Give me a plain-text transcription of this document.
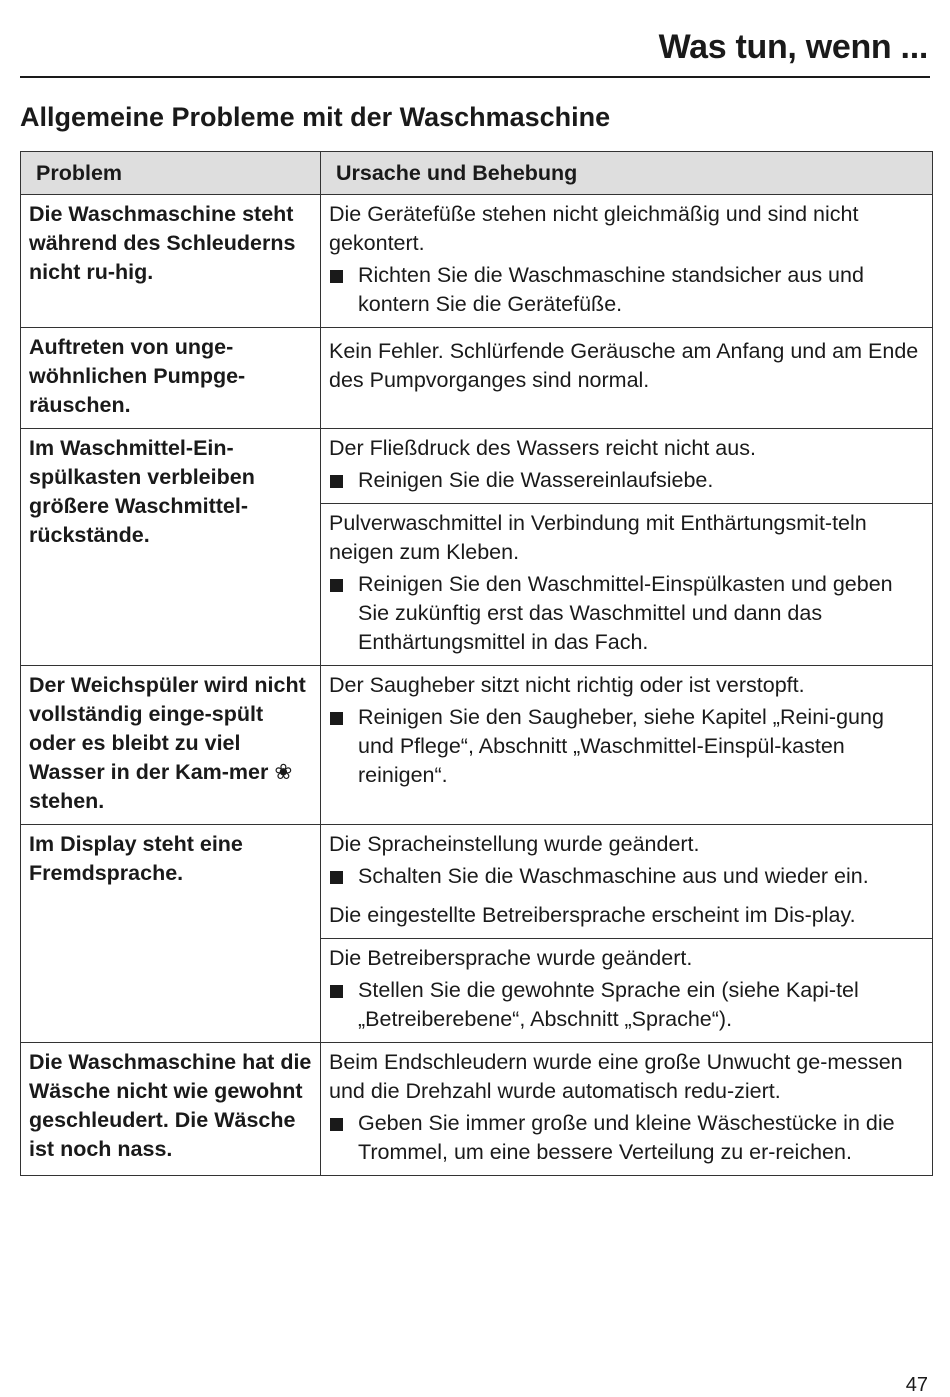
Was tun, wenn ...
Allgemeine Probleme mit der Waschmaschine
Problem	Ursache und Behebung
Die Waschmaschine steht während des Schleuderns nicht ru-hig.	Die Gerätefüße stehen nicht gleichmäßig und sind nicht gekontert.

Richten Sie die Waschmaschine standsicher aus und kontern Sie die Gerätefüße.

Auftreten von unge-wöhnlichen Pumpge-räuschen.	Kein Fehler. Schlürfende Geräusche am Anfang und am Ende des Pumpvorganges sind normal.

Im Waschmittel-Ein-spülkasten verbleiben größere Waschmittel-rückstände.	Der Fließdruck des Wassers reicht nicht aus.

Reinigen Sie die Wassereinlaufsiebe.

	Pulverwaschmittel in Verbindung mit Enthärtungsmit-teln neigen zum Kleben.

Reinigen Sie den Waschmittel-Einspülkasten und geben Sie zukünftig erst das Waschmittel und dann das Enthärtungsmittel in das Fach.

Der Weichspüler wird nicht vollständig einge-spült oder es bleibt zu viel Wasser in der Kam-mer ❀ stehen.	Der Saugheber sitzt nicht richtig oder ist verstopft.

Reinigen Sie den Saugheber, siehe Kapitel „Reini-gung und Pflege“, Abschnitt „Waschmittel-Einspül-kasten reinigen“.

Im Display steht eine Fremdsprache.	Die Spracheinstellung wurde geändert.

Schalten Sie die Waschmaschine aus und wieder ein.

Die eingestellte Betreibersprache erscheint im Dis-play.

	Die Betreibersprache wurde geändert.

Stellen Sie die gewohnte Sprache ein (siehe Kapi-tel „Betreiberebene“, Abschnitt „Sprache“).

Die Waschmaschine hat die Wäsche nicht wie gewohnt geschleudert. Die Wäsche ist noch nass.	Beim Endschleudern wurde eine große Unwucht ge-messen und die Drehzahl wurde automatisch redu-ziert.

Geben Sie immer große und kleine Wäschestücke in die Trommel, um eine bessere Verteilung zu er-reichen.
47
